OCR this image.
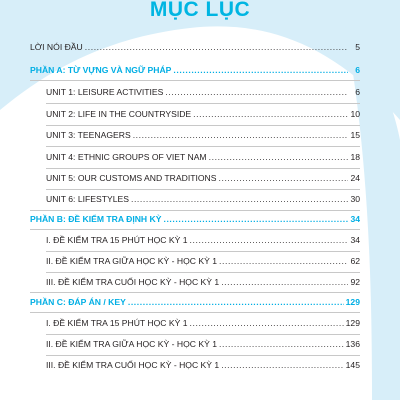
MỤC LỤC
LỜI NÓI ĐẦU .....	5
PHẦN A: TỪ VỰNG VÀ NGỮ PHÁP .....	6
UNIT 1: LEISURE ACTIVITIES .....	6
UNIT 2: LIFE IN THE COUNTRYSIDE .....	10
UNIT 3: TEENAGERS .....	15
UNIT 4: ETHNIC GROUPS OF VIET NAM .....	18
UNIT 5: OUR CUSTOMS AND TRADITIONS .....	24
UNIT 6: LIFESTYLES .....	30
PHẦN B: ĐỀ KIỂM TRA ĐỊNH KỲ .....	34
I. ĐỀ KIỂM TRA 15 PHÚT HỌC KỲ 1 .....	34
II. ĐỀ KIỂM TRA GIỮA HỌC KỲ - HỌC KỲ 1 .....	62
III. ĐỀ KIỂM TRA CUỐI HỌC KỲ - HỌC KỲ 1 .....	92
PHẦN C: ĐÁP ÁN / KEY .....	129
I. ĐỀ KIỂM TRA 15 PHÚT HỌC KỲ 1 .....	129
II. ĐỀ KIỂM TRA GIỮA HỌC KỲ - HỌC KỲ 1 .....	136
III. ĐỀ KIỂM TRA CUỐI HỌC KỲ - HỌC KỲ 1 .....	145
